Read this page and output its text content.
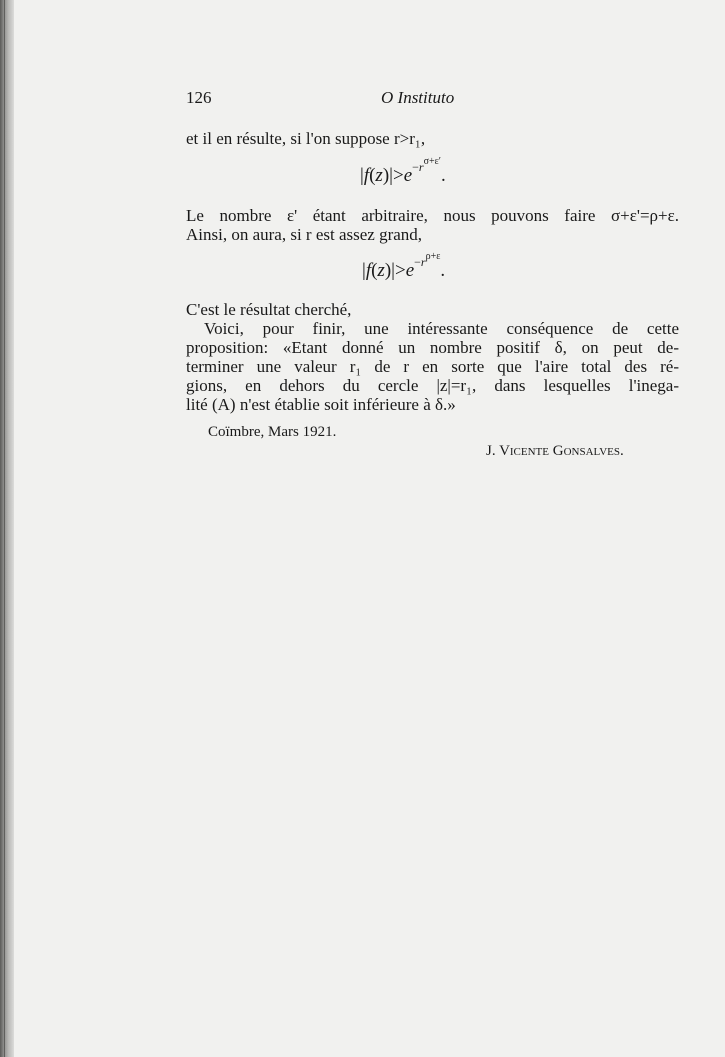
126	O Instituto
et il en résulte, si l'on suppose r>r₁,
$|f(z)|>e^{-r^{\sigma+\varepsilon'}}$.
Le nombre ε' étant arbitraire, nous pouvons faire σ+ε'=ρ+ε.
Ainsi, on aura, si r est assez grand,
$|f(z)|>e^{-r^{\rho+\varepsilon}}$.
C'est le résultat cherché,
Voici, pour finir, une intéressante conséquence de cette
proposition: «Etant donné un nombre positif δ, on peut de-
terminer une valeur r₁ de r en sorte que l'aire total des ré-
gions, en dehors du cercle |z|=r₁, dans lesquelles l'inega-
lité (A) n'est établie soit inférieure à δ.»
Coïmbre, Mars 1921.
J. Vicente Gonsalves.
